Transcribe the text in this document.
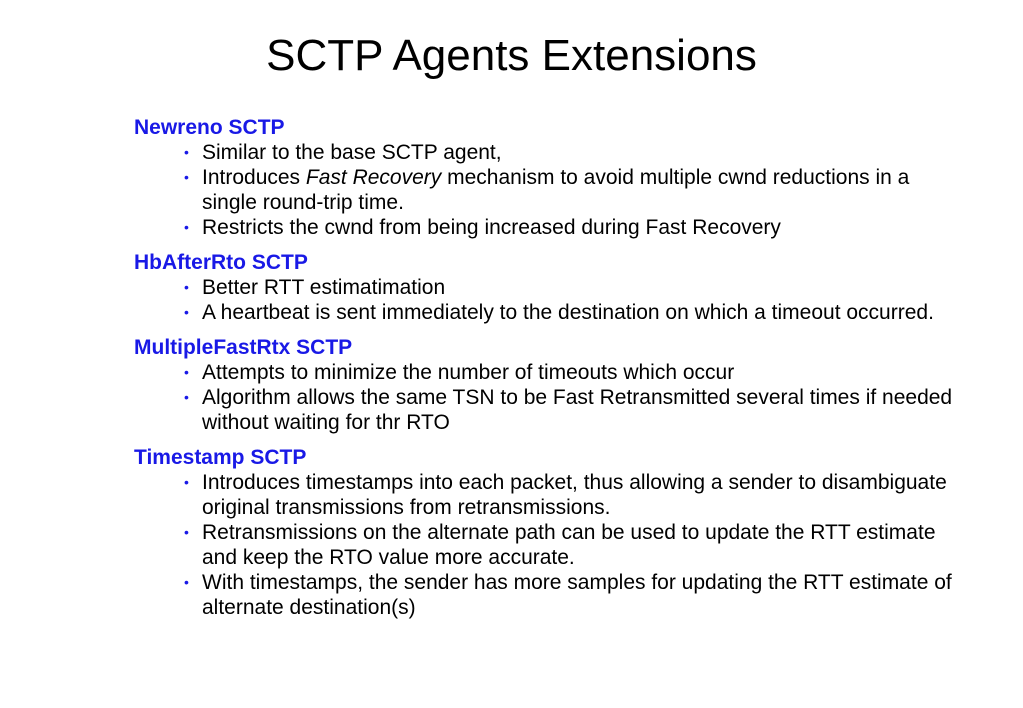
SCTP Agents Extensions
Newreno SCTP
• Similar to the base SCTP agent,
• Introduces Fast Recovery mechanism to avoid multiple cwnd reductions in a single round-trip time.
• Restricts the cwnd from being increased during Fast Recovery
HbAfterRto SCTP
• Better RTT estimatimation
• A heartbeat is sent immediately to the destination on which a timeout occurred.
MultipleFastRtx SCTP
• Attempts to minimize the number of timeouts which occur
• Algorithm allows the same TSN to be Fast Retransmitted several times if needed without waiting for thr RTO
Timestamp SCTP
• Introduces timestamps into each packet, thus allowing a sender to disambiguate original transmissions from retransmissions.
• Retransmissions on the alternate path can be used to update the RTT estimate and keep the RTO value more accurate.
• With timestamps, the sender has more samples for updating the RTT estimate of alternate destination(s)
